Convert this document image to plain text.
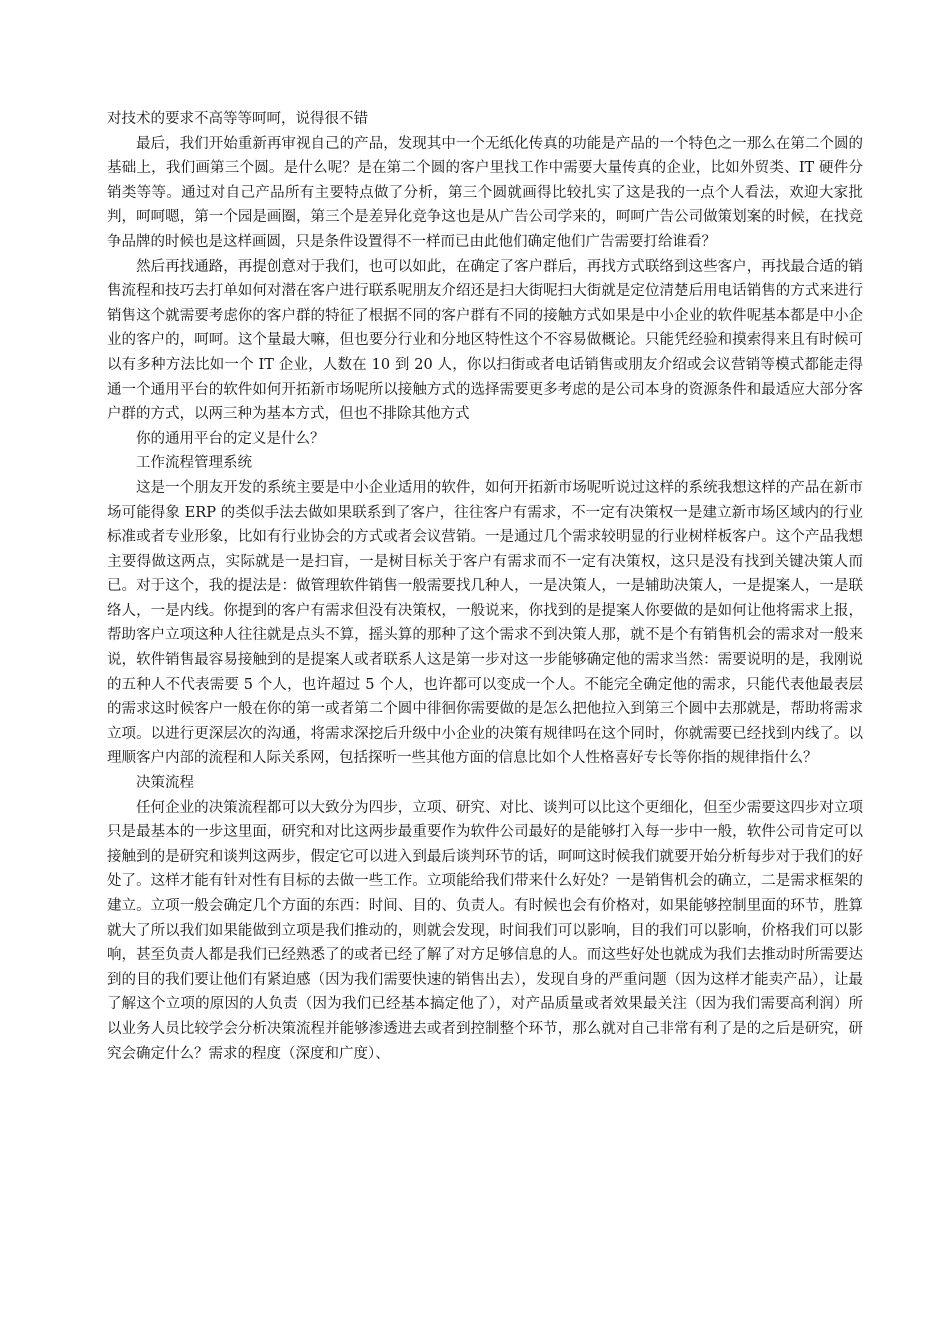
对技术的要求不高等等呵呵，说得很不错

最后，我们开始重新再审视自己的产品，发现其中一个无纸化传真的功能是产品的一个特色之一那么在第二个圆的基础上，我们画第三个圆。是什么呢？是在第二个圆的客户里找工作中需要大量传真的企业，比如外贸类、IT 硬件分销类等等。通过对自己产品所有主要特点做了分析，第三个圆就画得比较扎实了这是我的一点个人看法，欢迎大家批判，呵呵嗯，第一个园是画圈，第三个是差异化竞争这也是从广告公司学来的，呵呵广告公司做策划案的时候，在找竞争品牌的时候也是这样画圆，只是条件设置得不一样而已由此他们确定他们广告需要打给谁看？

然后再找通路，再提创意对于我们，也可以如此，在确定了客户群后，再找方式联络到这些客户，再找最合适的销售流程和技巧去打单如何对潜在客户进行联系呢朋友介绍还是扫大街呢扫大街就是定位清楚后用电话销售的方式来进行销售这个就需要考虑你的客户群的特征了根据不同的客户群有不同的接触方式如果是中小企业的软件呢基本都是中小企业的客户的，呵呵。这个量最大嘛，但也要分行业和分地区特性这个不容易做概论。只能凭经验和摸索得来且有时候可以有多种方法比如一个 IT 企业，人数在 10 到 20 人，你以扫街或者电话销售或朋友介绍或会议营销等模式都能走得通一个通用平台的软件如何开拓新市场呢所以接触方式的选择需要更多考虑的是公司本身的资源条件和最适应大部分客户群的方式，以两三种为基本方式，但也不排除其他方式

你的通用平台的定义是什么？

工作流程管理系统

这是一个朋友开发的系统主要是中小企业适用的软件，如何开拓新市场呢听说过这样的系统我想这样的产品在新市场可能得象 ERP 的类似手法去做如果联系到了客户，往往客户有需求，不一定有决策权一是建立新市场区域内的行业标准或者专业形象，比如有行业协会的方式或者会议营销。一是通过几个需求较明显的行业树样板客户。这个产品我想主要得做这两点，实际就是一是扫盲，一是树目标关于客户有需求而不一定有决策权，这只是没有找到关键决策人而已。对于这个，我的提法是：做管理软件销售一般需要找几种人，一是决策人，一是辅助决策人，一是提案人，一是联络人，一是内线。你提到的客户有需求但没有决策权，一般说来，你找到的是提案人你要做的是如何让他将需求上报，帮助客户立项这种人往往就是点头不算，摇头算的那种了这个需求不到决策人那，就不是个有销售机会的需求对一般来说，软件销售最容易接触到的是提案人或者联系人这是第一步对这一步能够确定他的需求当然：需要说明的是，我刚说的五种人不代表需要 5 个人，也许超过 5 个人，也许都可以变成一个人。不能完全确定他的需求，只能代表他最表层的需求这时候客户一般在你的第一或者第二个圆中徘徊你需要做的是怎么把他拉入到第三个圆中去那就是，帮助将需求立项。以进行更深层次的沟通，将需求深挖后升级中小企业的决策有规律吗在这个同时，你就需要已经找到内线了。以理顺客户内部的流程和人际关系网，包括探听一些其他方面的信息比如个人性格喜好专长等你指的规律指什么？

决策流程

任何企业的决策流程都可以大致分为四步，立项、研究、对比、谈判可以比这个更细化，但至少需要这四步对立项只是最基本的一步这里面，研究和对比这两步最重要作为软件公司最好的是能够打入每一步中一般，软件公司肯定可以接触到的是研究和谈判这两步，假定它可以进入到最后谈判环节的话，呵呵这时候我们就要开始分析每步对于我们的好处了。这样才能有针对性有目标的去做一些工作。立项能给我们带来什么好处？一是销售机会的确立，二是需求框架的建立。立项一般会确定几个方面的东西：时间、目的、负责人。有时候也会有价格对，如果能够控制里面的环节，胜算就大了所以我们如果能做到立项是我们推动的，则就会发现，时间我们可以影响，目的我们可以影响，价格我们可以影响，甚至负责人都是我们已经熟悉了的或者已经了解了对方足够信息的人。而这些好处也就成为我们去推动时所需要达到的目的我们要让他们有紧迫感（因为我们需要快速的销售出去），发现自身的严重问题（因为这样才能卖产品），让最了解这个立项的原因的人负责（因为我们已经基本搞定他了），对产品质量或者效果最关注（因为我们需要高利润）所以业务人员比较学会分析决策流程并能够渗透进去或者到控制整个环节，那么就对自己非常有利了是的之后是研究，研究会确定什么？需求的程度（深度和广度）、
